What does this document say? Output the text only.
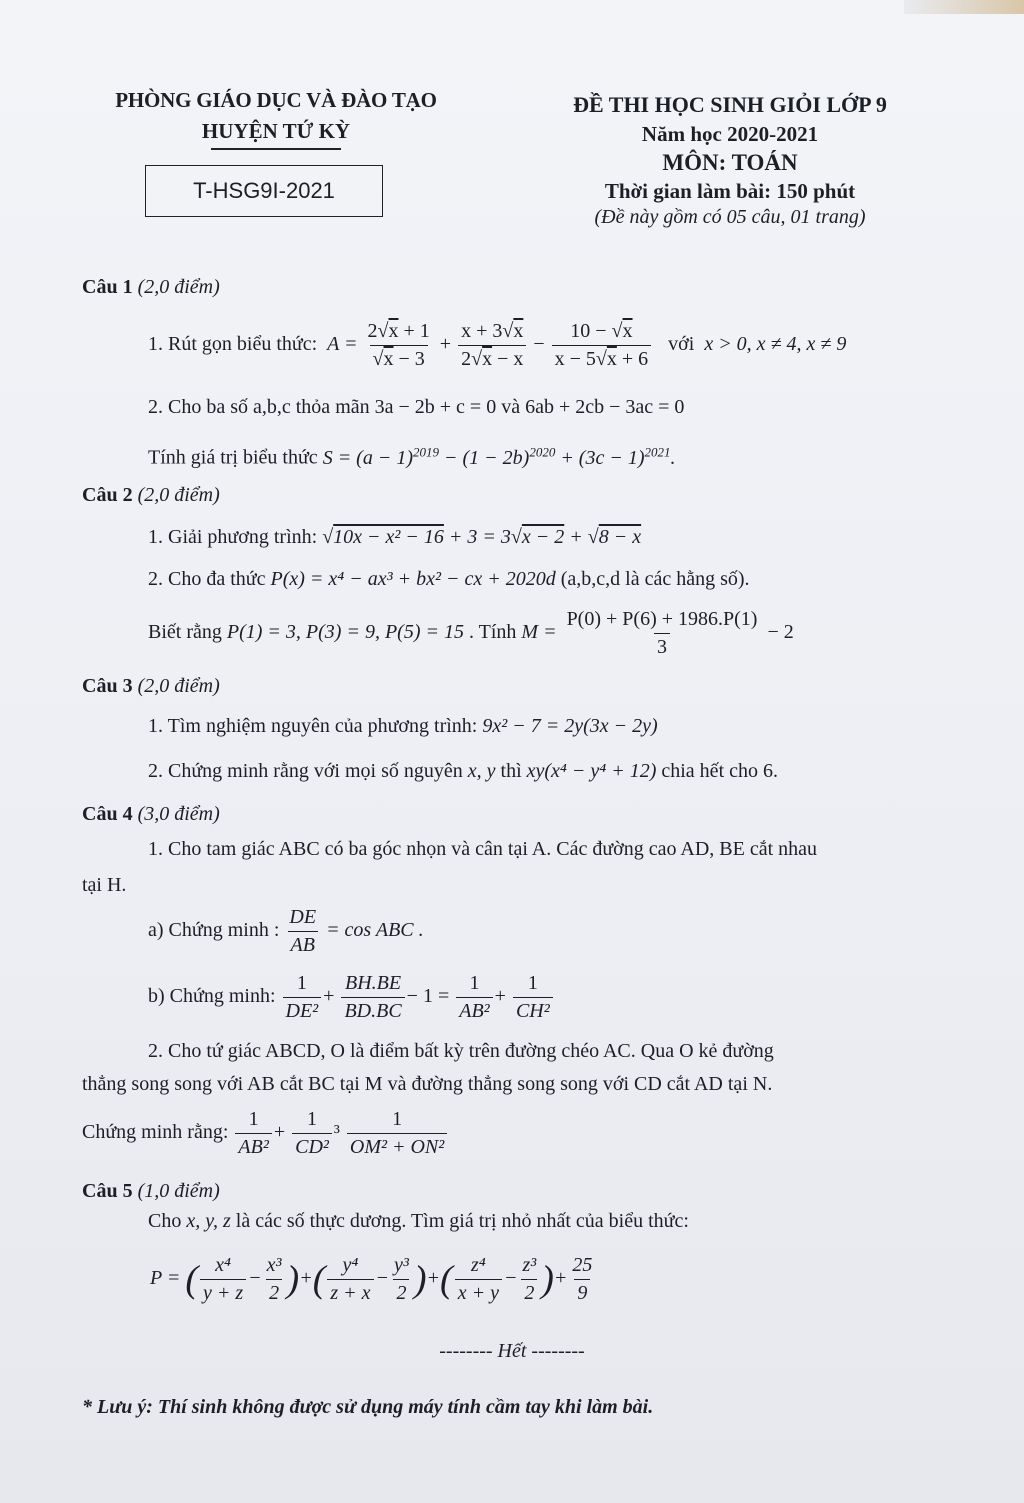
PHÒNG GIÁO DỤC VÀ ĐÀO TẠO
HUYỆN TỨ KỲ
T-HSG9I-2021
ĐỀ THI HỌC SINH GIỎI LỚP 9
Năm học 2020-2021
MÔN: TOÁN
Thời gian làm bài: 150 phút
(Đề này gồm có 05 câu, 01 trang)
Câu 1 (2,0 điểm)
1. Rút gọn biểu thức:  $A = \frac{2√x + 1}{√x - 3} + \frac{x + 3√x}{2√x - x} - \frac{10 - √x}{x - 5√x + 6}$ với  x > 0, x ≠ 4, x ≠ 9
2. Cho ba số a,b,c thỏa mãn 3a − 2b + c = 0 và 6ab + 2cb − 3ac = 0
Tính giá trị biểu thức $S = (a - 1)^{2019} - (1 - 2b)^{2020} + (3c - 1)^{2021}$.
Câu 2 (2,0 điểm)
1. Giải phương trình: √10x − x² − 16 + 3 = 3√x − 2 + √8 − x
2. Cho đa thức P(x) = x⁴ − ax³ + bx² − cx + 2020d (a,b,c,d là các hằng số).
Biết rằng P(1) = 3, P(3) = 9, P(5) = 15 . Tính $M = \frac{P(0) + P(6) + 1986.P(1)}{3} - 2$
Câu 3 (2,0 điểm)
1. Tìm nghiệm nguyên của phương trình: 9x² − 7 = 2y(3x − 2y)
2. Chứng minh rằng với mọi số nguyên x, y thì xy(x⁴ − y⁴ + 12) chia hết cho 6.
Câu 4 (3,0 điểm)
1. Cho tam giác ABC có ba góc nhọn và cân tại A. Các đường cao AD, BE cắt nhau
tại H.
a) Chứng minh : $\frac{DE}{AB} = \cos$ ABC .
b) Chứng minh: $\frac{1}{\text{DE²}} + \frac{BH.BE}{BD.BC} - 1 = \frac{1}{\text{AB²}} + \frac{1}{\text{CH²}}$
2. Cho tứ giác ABCD, O là điểm bất kỳ trên đường chéo AC. Qua O kẻ đường
thẳng song song với AB cắt BC tại M và đường thẳng song song với CD cắt AD tại N.
Chứng minh rằng: $\frac{1}{\text{AB²}} + \frac{1}{\text{CD²}} ^3 \frac{1}{\text{OM² + ON²}}$
Câu 5 (1,0 điểm)
Cho x, y, z là các số thực dương. Tìm giá trị nhỏ nhất của biểu thức:
P = ( $\frac{\text{x⁴}}{y + z} - \frac{\text{x³}}{2}$ )+( $\frac{\text{y⁴}}{z + x} - \frac{\text{y³}}{2}$ )+( $\frac{\text{z⁴}}{x + y} - \frac{\text{z³}}{2}$ )+ $\frac{25}{9}$
-------- Hết --------
* Lưu ý: Thí sinh không được sử dụng máy tính cầm tay khi làm bài.
